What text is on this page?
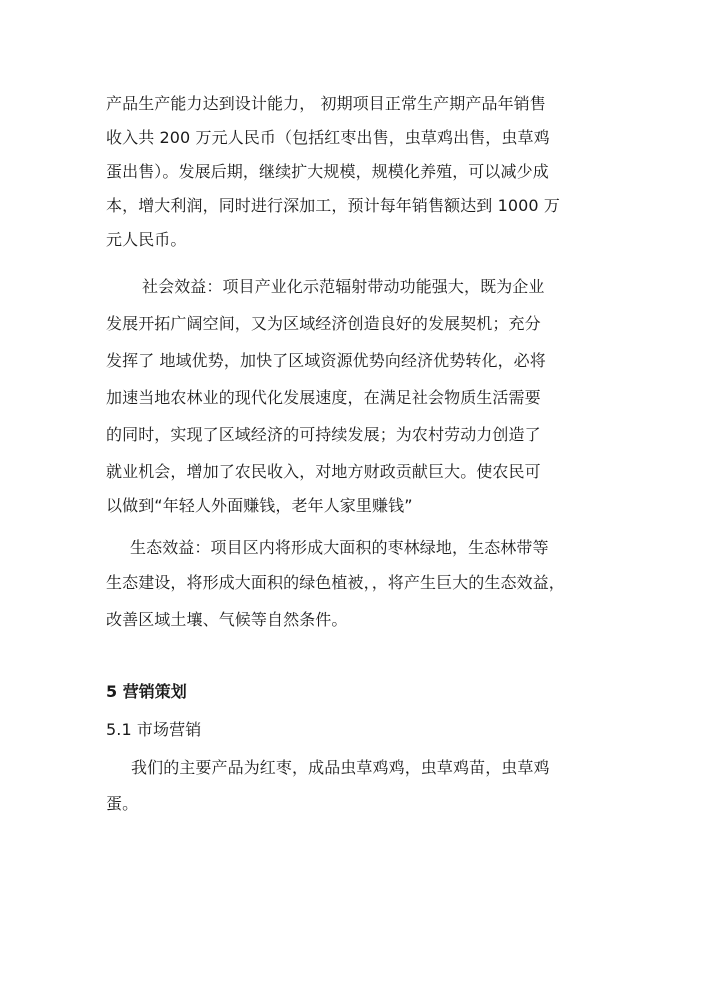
产品生产能力达到设计能力， 初期项目正常生产期产品年销售
收入共 200 万元人民币（包括红枣出售，虫草鸡出售，虫草鸡
蛋出售）。发展后期，继续扩大规模，规模化养殖，可以减少成
本，增大利润，同时进行深加工，预计每年销售额达到 1000 万
元人民币。
社会效益：项目产业化示范辐射带动功能强大，既为企业
发展开拓广阔空间，又为区域经济创造良好的发展契机；充分
发挥了 地域优势，加快了区域资源优势向经济优势转化，必将
加速当地农林业的现代化发展速度，在满足社会物质生活需要
的同时，实现了区域经济的可持续发展；为农村劳动力创造了
就业机会，增加了农民收入，对地方财政贡献巨大。使农民可
以做到“年轻人外面赚钱，老年人家里赚钱”
生态效益：项目区内将形成大面积的枣林绿地，生态林带等
生态建设，将形成大面积的绿色植被，，将产生巨大的生态效益，
改善区域土壤、气候等自然条件。
5 营销策划
5.1 市场营销
我们的主要产品为红枣，成品虫草鸡鸡，虫草鸡苗，虫草鸡
蛋。
